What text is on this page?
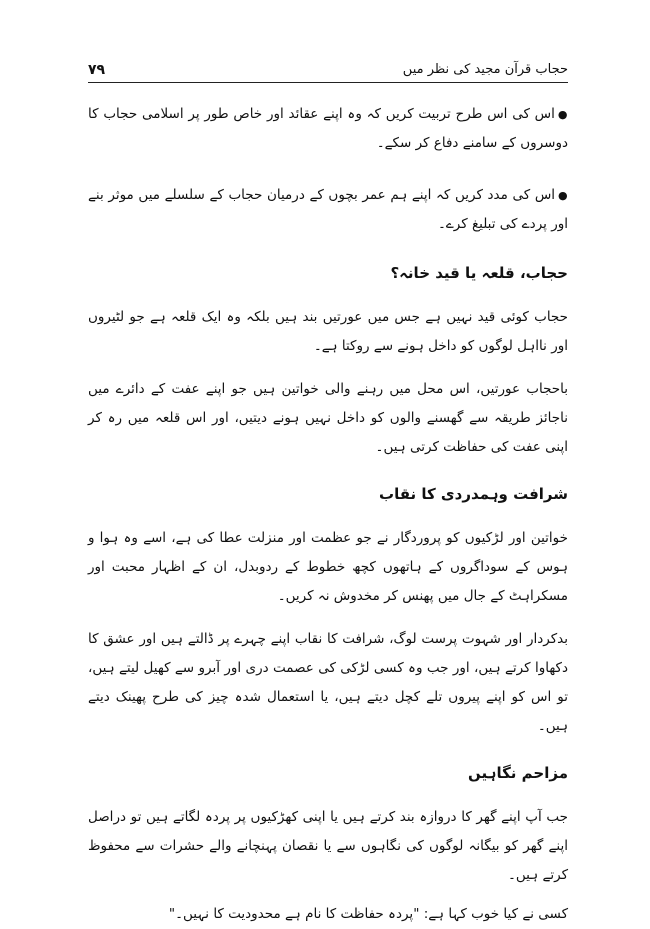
حجاب قرآن مجید کی نظر میں
۷۹

● اس کی اس طرح تربیت کریں کہ وہ اپنے عقائد اور خاص طور پر اسلامی حجاب کا دوسروں کے سامنے دفاع کر سکے۔

● اس کی مدد کریں کہ اپنے ہم عمر بچوں کے درمیان حجاب کے سلسلے میں موثر بنے اور پردے کی تبلیغ کرے۔

حجاب، قلعہ یا قید خانہ؟

حجاب کوئی قید نہیں ہے جس میں عورتیں بند ہیں بلکہ وہ ایک قلعہ ہے جو لٹیروں اور نااہل لوگوں کو داخل ہونے سے روکتا ہے۔

باحجاب عورتیں، اس محل میں رہنے والی خواتین ہیں جو اپنے عفت کے دائرے میں ناجائز طریقہ سے گھسنے والوں کو داخل نہیں ہونے دیتیں، اور اس قلعہ میں رہ کر اپنی عفت کی حفاظت کرتی ہیں۔

شرافت وہمدردی کا نقاب

خواتین اور لڑکیوں کو پروردگار نے جو عظمت اور منزلت عطا کی ہے، اسے وہ ہوا و ہوس کے سوداگروں کے ہاتھوں کچھ خطوط کے ردوبدل، ان کے اظہار محبت اور مسکراہٹ کے جال میں پھنس کر مخدوش نہ کریں۔

بدکردار اور شہوت پرست لوگ، شرافت کا نقاب اپنے چہرے پر ڈالتے ہیں اور عشق کا دکھاوا کرتے ہیں، اور جب وہ کسی لڑکی کی عصمت دری اور آبرو سے کھیل لیتے ہیں، تو اس کو اپنے پیروں تلے کچل دیتے ہیں، یا استعمال شدہ چیز کی طرح پھینک دیتے ہیں۔

مزاحم نگاہیں

جب آپ اپنے گھر کا دروازہ بند کرتے ہیں یا اپنی کھڑکیوں پر پردہ لگاتے ہیں تو دراصل اپنے گھر کو بیگانہ لوگوں کی نگاہوں سے یا نقصان پہنچانے والے حشرات سے محفوظ کرتے ہیں۔

کسی نے کیا خوب کہا ہے: "پردہ حفاظت کا نام ہے محدودیت کا نہیں۔"
